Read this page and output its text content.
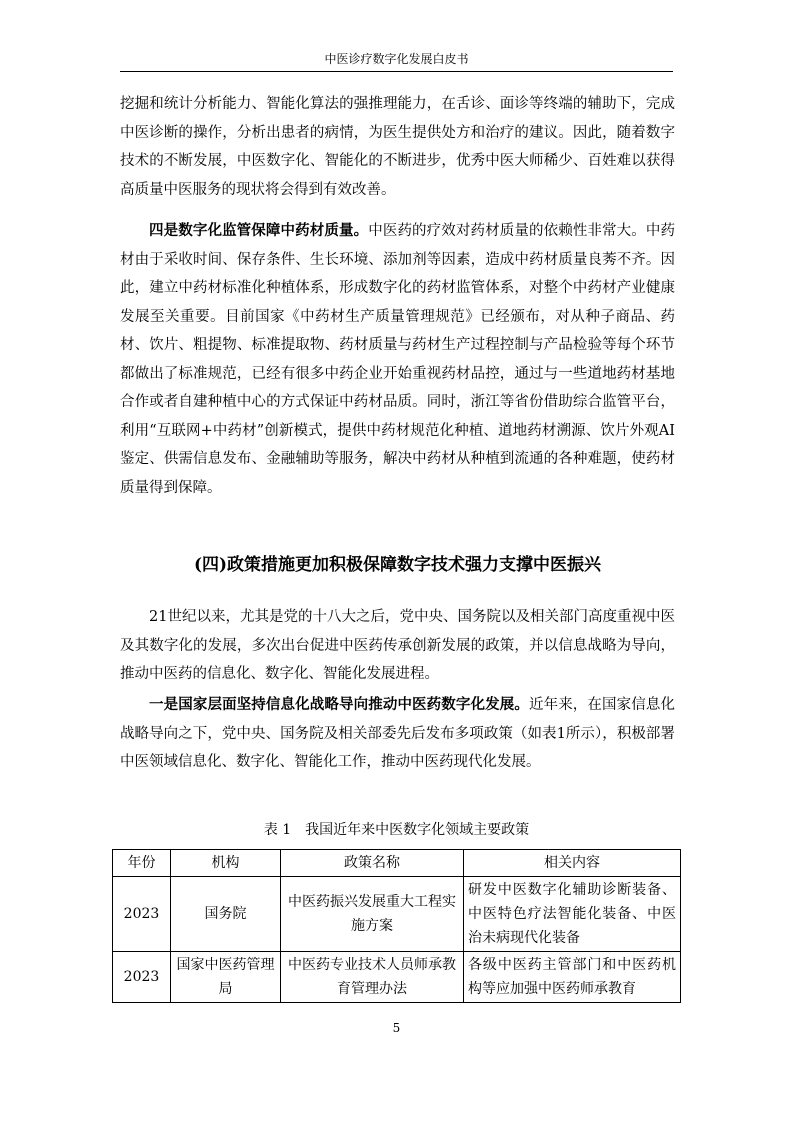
中医诊疗数字化发展白皮书

挖掘和统计分析能力、智能化算法的强推理能力，在舌诊、面诊等终端的辅助下，完成中医诊断的操作，分析出患者的病情，为医生提供处方和治疗的建议。因此，随着数字技术的不断发展，中医数字化、智能化的不断进步，优秀中医大师稀少、百姓难以获得高质量中医服务的现状将会得到有效改善。

四是数字化监管保障中药材质量。中医药的疗效对药材质量的依赖性非常大。中药材由于采收时间、保存条件、生长环境、添加剂等因素，造成中药材质量良莠不齐。因此，建立中药材标准化种植体系，形成数字化的药材监管体系，对整个中药材产业健康发展至关重要。目前国家《中药材生产质量管理规范》已经颁布，对从种子商品、药材、饮片、粗提物、标准提取物、药材质量与药材生产过程控制与产品检验等每个环节都做出了标准规范，已经有很多中药企业开始重视药材品控，通过与一些道地药材基地合作或者自建种植中心的方式保证中药材品质。同时，浙江等省份借助综合监管平台，利用“互联网+中药材”创新模式，提供中药材规范化种植、道地药材溯源、饮片外观AI鉴定、供需信息发布、金融辅助等服务，解决中药材从种植到流通的各种难题，使药材质量得到保障。

(四)政策措施更加积极保障数字技术强力支撑中医振兴

21世纪以来，尤其是党的十八大之后，党中央、国务院以及相关部门高度重视中医及其数字化的发展，多次出台促进中医药传承创新发展的政策，并以信息战略为导向，推动中医药的信息化、数字化、智能化发展进程。

一是国家层面坚持信息化战略导向推动中医药数字化发展。近年来，在国家信息化战略导向之下，党中央、国务院及相关部委先后发布多项政策（如表1所示），积极部署中医领域信息化、数字化、智能化工作，推动中医药现代化发展。

表 1　我国近年来中医数字化领域主要政策
年份	机构	政策名称	相关内容
2023	国务院	中医药振兴发展重大工程实施方案	研发中医数字化辅助诊断装备、中医特色疗法智能化装备、中医治未病现代化装备
2023	国家中医药管理局	中医药专业技术人员师承教育管理办法	各级中医药主管部门和中医药机构等应加强中医药师承教育
5
